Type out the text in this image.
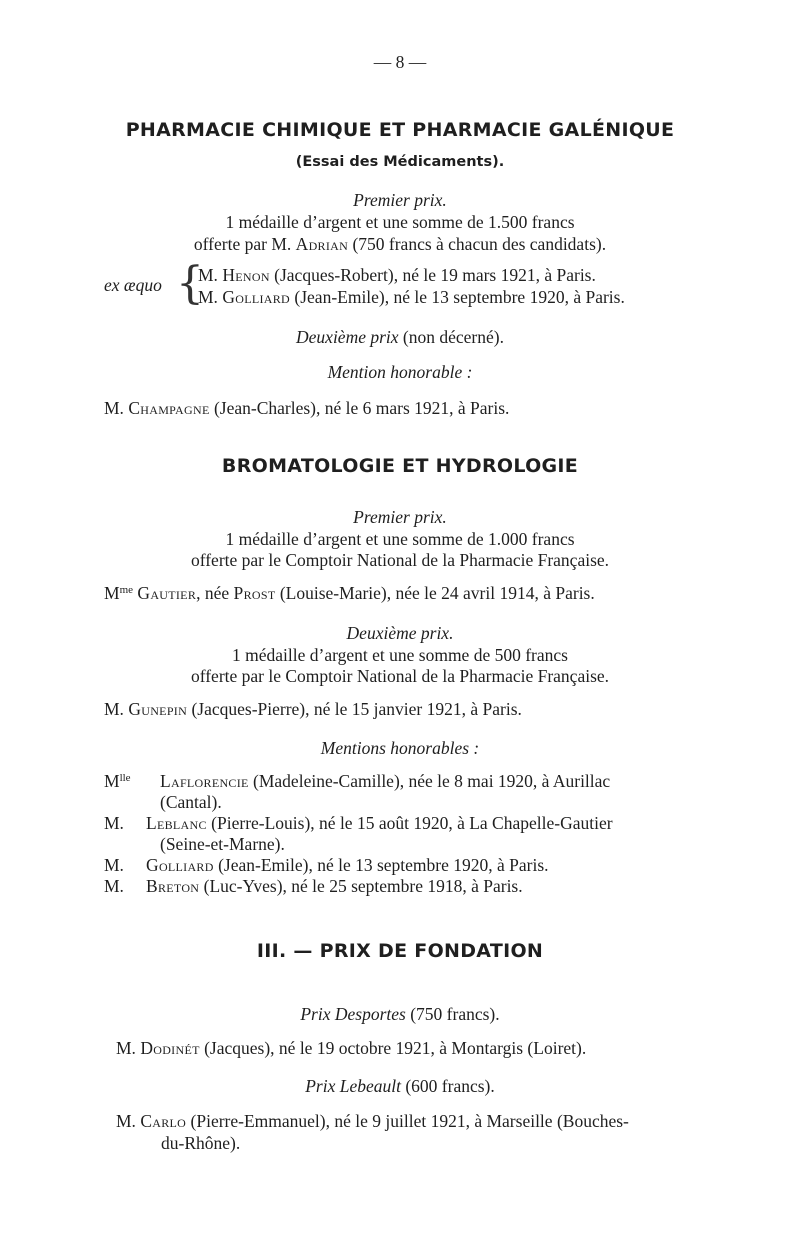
— 8 —
PHARMACIE CHIMIQUE ET PHARMACIE GALÉNIQUE
(Essai des Médicaments).
Premier prix.
1 médaille d’argent et une somme de 1.500 francs
offerte par M. Adrian (750 francs à chacun des candidats).
ex æquo {
M. Henon (Jacques-Robert), né le 19 mars 1921, à Paris.
M. Golliard (Jean-Emile), né le 13 septembre 1920, à Paris.
Deuxième prix (non décerné).
Mention honorable :
M. Champagne (Jean-Charles), né le 6 mars 1921, à Paris.
BROMATOLOGIE ET HYDROLOGIE
Premier prix.
1 médaille d’argent et une somme de 1.000 francs
offerte par le Comptoir National de la Pharmacie Française.
$M^{me}$ Gautier, née Prost (Louise-Marie), née le 24 avril 1914, à Paris.
Deuxième prix.
1 médaille d’argent et une somme de 500 francs
offerte par le Comptoir National de la Pharmacie Française.
M. Gunepin (Jacques-Pierre), né le 15 janvier 1921, à Paris.
Mentions honorables :
$M^{lle}$	Laflorencie (Madeleine-Camille), née le 8 mai 1920, à Aurillac
(Cantal).
M. Leblanc (Pierre-Louis), né le 15 août 1920, à La Chapelle-Gautier
(Seine-et-Marne).
M. Golliard (Jean-Emile), né le 13 septembre 1920, à Paris.
M. Breton (Luc-Yves), né le 25 septembre 1918, à Paris.
III. — PRIX DE FONDATION
Prix Desportes (750 francs).
M. Dodinét (Jacques), né le 19 octobre 1921, à Montargis (Loiret).
Prix Lebeault (600 francs).
M. Carlo (Pierre-Emmanuel), né le 9 juillet 1921, à Marseille (Bouches-
du-Rhône).
